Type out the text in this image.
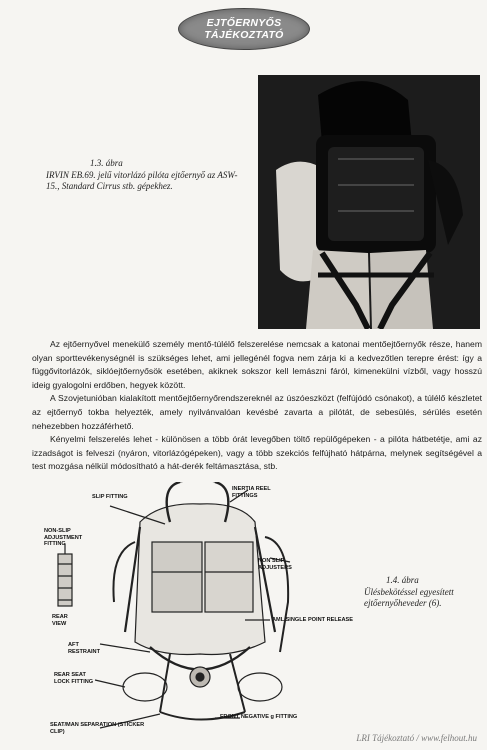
EJTŐERNYŐS
TÁJÉKOZTATÓ
1.3. ábra
IRVIN EB.69. jelű vitorlázó pilóta ejtőernyő az ASW-15., Standard Cirrus stb. gépekhez.

Az ejtőernyővel menekülő személy mentő-túlélő felszerelése nemcsak a katonai mentőejtőernyők része, hanem olyan sporttevékenységnél is szükséges lehet, ami jellegénél fogva nem zárja ki a kedvezőtlen terepre érést: így a függővitorlázók, siklóejtőernyősök esetében, akiknek sokszor kell lemászni fáról, kimenekülni vízből, vagy hosszú ideig gyalogolni erdőben, hegyek között.

A Szovjetunióban kialakított mentőejtőernyőrendszereknél az úszóeszközt (felfújódó csónakot), a túlélő készletet az ejtőernyő tokba helyezték, amely nyilvánvalóan kevésbé zavarta a pilótát, de sebesülés, sérülés esetén nehezebben hozzáférhető.

Kényelmi felszerelés lehet - különösen a több órát levegőben töltő repülőgépeken - a pilóta hátbetétje, ami az izzadságot is felveszi (nyáron, vitorlázógépeken), vagy a több szekciós felfújható hátpárna, melynek segítségével a test mozgása nélkül módosítható a hát-derék feltámasztása, stb.

SLIP FITTING
INERTIA REEL FITTINGS
NON-SLIP ADJUSTMENT FITTING
NON SLIP ADJUSTERS
REAR VIEW
AML SINGLE POINT RELEASE
AFT RESTRAINT
REAR SEAT LOCK FITTING
FRONT NEGATIVE g FITTING
SEAT/MAN SEPARATION (STICKER CLIP)
1.4. ábra
Ülésbekötéssel egyesített ejtőernyőheveder (6).
LRI Tájékoztató / www.felhout.hu
